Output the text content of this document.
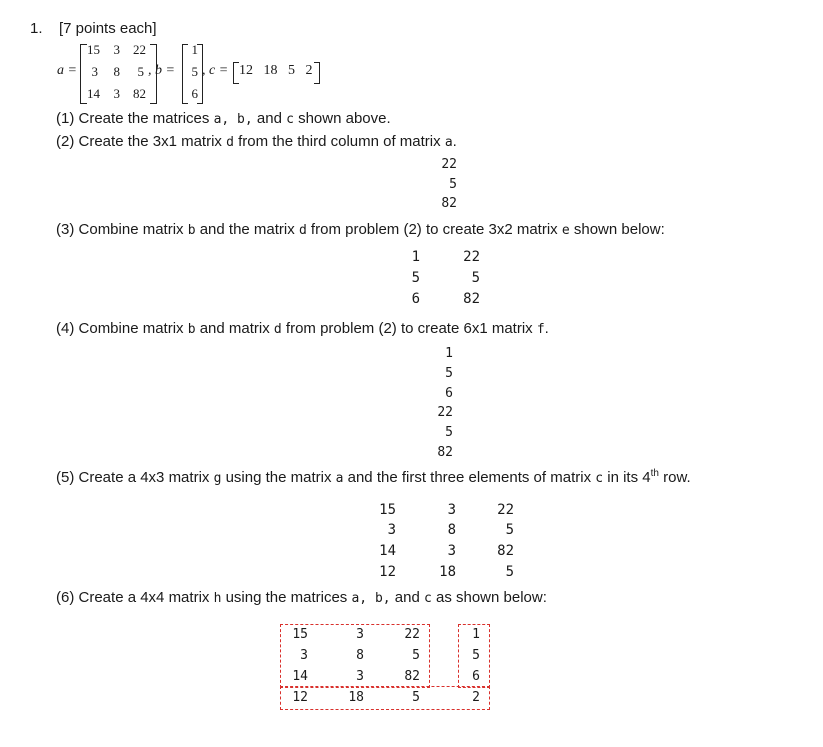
1. [7 points each]
a =
15	3	22
3	8	5
14	3	82
, b =
1
5
6
, c = 12   18   5   2
(1) Create the matrices a, b, and c shown above.
(2) Create the 3x1 matrix d from the third column of matrix a.
22
5
82
(3) Combine matrix b and the matrix d from problem (2) to create 3x2 matrix e shown below:
1	22
5	5
6	82
(4) Combine matrix b and matrix d from problem (2) to create 6x1 matrix f.
1
5
6
22
5
82
(5) Create a 4x3 matrix g using the matrix a and the first three elements of matrix c in its 4th row.
15	3	22
3	8	5
14	3	82
12	18	5
(6) Create a 4x4 matrix h using the matrices a, b, and c as shown below:
15	3	22	1
3	8	5	5
14	3	82	6
12	18	5	2
